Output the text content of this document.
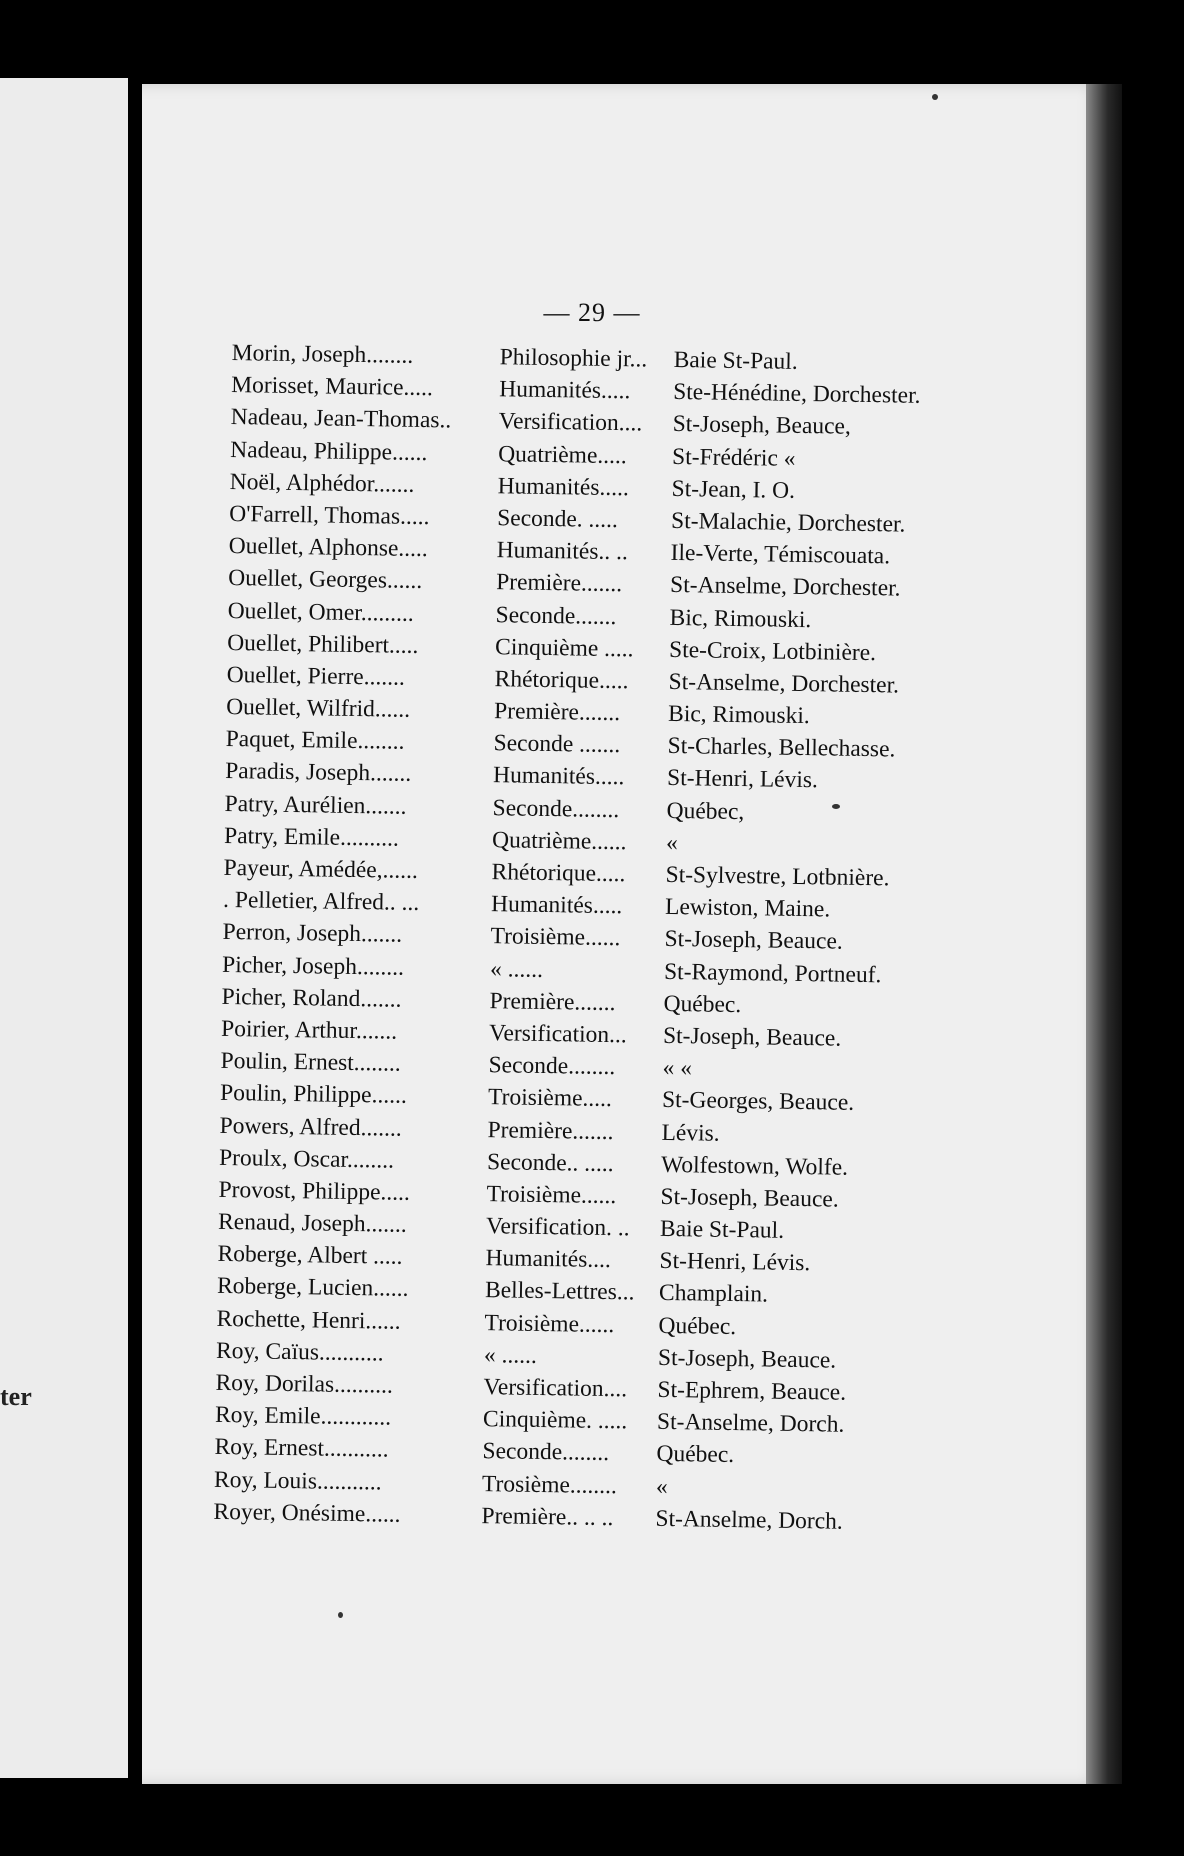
ter
— 29 —
Morin, Joseph........	Philosophie jr...	Baie St-Paul.
Morisset, Maurice.....	Humanités.....	Ste-Hénédine, Dorchester.
Nadeau, Jean-Thomas..	Versification....	St-Joseph, Beauce,
Nadeau, Philippe......	Quatrième.....	St-Frédéric «
Noël, Alphédor.......	Humanités.....	St-Jean, I. O.
O'Farrell, Thomas.....	Seconde. .....	St-Malachie, Dorchester.
Ouellet, Alphonse.....	Humanités.. ..	Ile-Verte, Témiscouata.
Ouellet, Georges......	Première.......	St-Anselme, Dorchester.
Ouellet, Omer.........	Seconde.......	Bic, Rimouski.
Ouellet, Philibert.....	Cinquième .....	Ste-Croix, Lotbinière.
Ouellet, Pierre.......	Rhétorique.....	St-Anselme, Dorchester.
Ouellet, Wilfrid......	Première.......	Bic, Rimouski.
Paquet, Emile........	Seconde .......	St-Charles, Bellechasse.
Paradis, Joseph.......	Humanités.....	St-Henri, Lévis.
Patry, Aurélien.......	Seconde........	Québec,
Patry, Emile..........	Quatrième......	«
Payeur, Amédée,......	Rhétorique.....	St-Sylvestre, Lotbnière.
. Pelletier, Alfred.. ...	Humanités.....	Lewiston, Maine.
Perron, Joseph.......	Troisième......	St-Joseph, Beauce.
Picher, Joseph........	« ......	St-Raymond, Portneuf.
Picher, Roland.......	Première.......	Québec.
Poirier, Arthur.......	Versification...	St-Joseph, Beauce.
Poulin, Ernest........	Seconde........	« «
Poulin, Philippe......	Troisième.....	St-Georges, Beauce.
Powers, Alfred.......	Première.......	Lévis.
Proulx, Oscar........	Seconde.. .....	Wolfestown, Wolfe.
Provost, Philippe.....	Troisième......	St-Joseph, Beauce.
Renaud, Joseph.......	Versification. ..	Baie St-Paul.
Roberge, Albert .....	Humanités....	St-Henri, Lévis.
Roberge, Lucien......	Belles-Lettres...	Champlain.
Rochette, Henri......	Troisième......	Québec.
Roy, Caïus...........	« ......	St-Joseph, Beauce.
Roy, Dorilas..........	Versification....	St-Ephrem, Beauce.
Roy, Emile............	Cinquième. .....	St-Anselme, Dorch.
Roy, Ernest...........	Seconde........	Québec.
Roy, Louis...........	Trosième........	«
Royer, Onésime......	Première.. .. ..	St-Anselme, Dorch.
